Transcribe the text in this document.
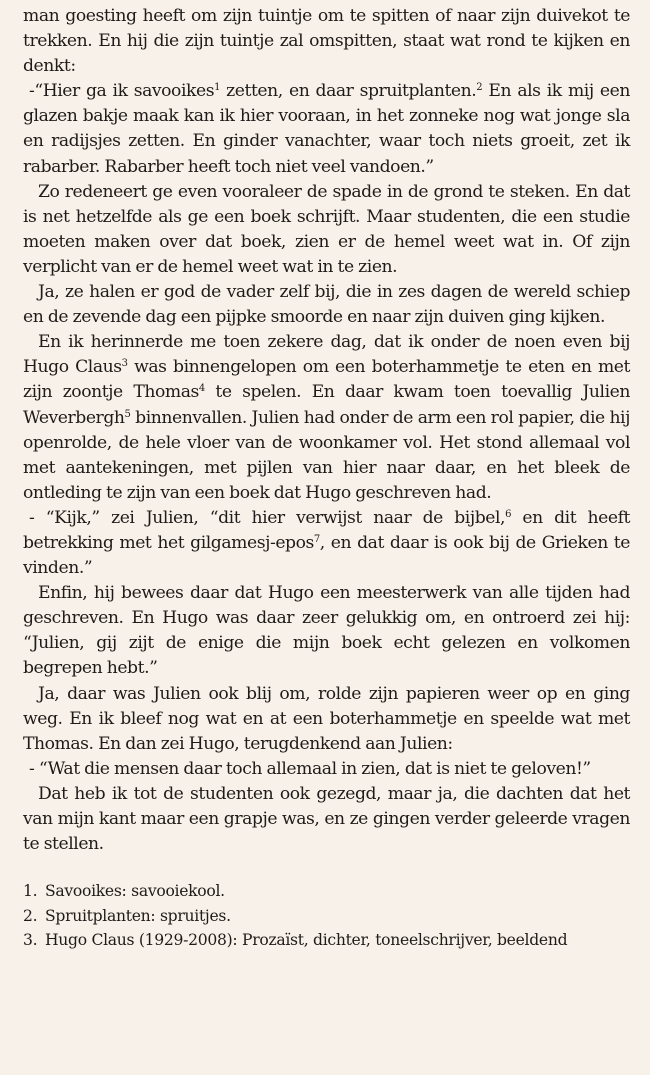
man goesting heeft om zijn tuintje om te spitten of naar zijn duivekot te trekken. En hij die zijn tuintje zal omspitten, staat wat rond te kijken en denkt:

-“Hier ga ik savooikes$^1$ zetten, en daar spruitplanten.$^2$ En als ik mij een glazen bakje maak kan ik hier vooraan, in het zonneke nog wat jonge sla en radijsjes zetten. En ginder vanachter, waar toch niets groeit, zet ik rabarber. Rabarber heeft toch niet veel vandoen.”

Zo redeneert ge even vooraleer de spade in de grond te steken. En dat is net hetzelfde als ge een boek schrijft. Maar studenten, die een studie moeten maken over dat boek, zien er de hemel weet wat in. Of zijn verplicht van er de hemel weet wat in te zien.

Ja, ze halen er god de vader zelf bij, die in zes dagen de wereld schiep en de zevende dag een pijpke smoorde en naar zijn duiven ging kijken.

En ik herinnerde me toen zekere dag, dat ik onder de noen even bij Hugo Claus$^3$ was binnengelopen om een boterhammetje te eten en met zijn zoontje Thomas$^4$ te spelen. En daar kwam toen toevallig Julien Weverbergh$^5$ binnenvallen. Julien had onder de arm een rol papier, die hij openrolde, de hele vloer van de woonkamer vol. Het stond allemaal vol met aantekeningen, met pijlen van hier naar daar, en het bleek de ontleding te zijn van een boek dat Hugo geschreven had.

- “Kijk,” zei Julien, “dit hier verwijst naar de bijbel,$^6$ en dit heeft betrekking met het gilgamesj-epos$^7$, en dat daar is ook bij de Grieken te vinden.”

Enfin, hij bewees daar dat Hugo een meesterwerk van alle tijden had geschreven. En Hugo was daar zeer gelukkig om, en ontroerd zei hij: “Julien, gij zijt de enige die mijn boek echt gelezen en volkomen begrepen hebt.”

Ja, daar was Julien ook blij om, rolde zijn papieren weer op en ging weg. En ik bleef nog wat en at een boterhammetje en speelde wat met Thomas. En dan zei Hugo, terugdenkend aan Julien:

- “Wat die mensen daar toch allemaal in zien, dat is niet te geloven!”

Dat heb ik tot de studenten ook gezegd, maar ja, die dachten dat het van mijn kant maar een grapje was, en ze gingen verder geleerde vragen te stellen.

1. Savooikes: savooiekool.
2. Spruitplanten: spruitjes.
3. Hugo Claus (1929-2008): Prozaïst, dichter, toneelschrijver, beeldend
